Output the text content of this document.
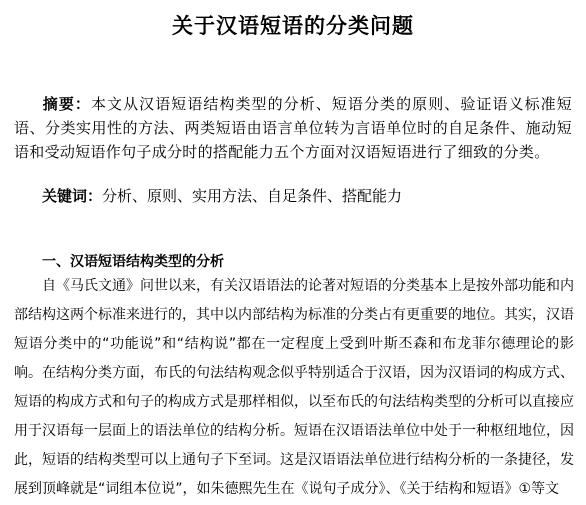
关于汉语短语的分类问题
摘要：本文从汉语短语结构类型的分析、短语分类的原则、验证语义标准短语、分类实用性的方法、两类短语由语言单位转为言语单位时的自足条件、施动短语和受动短语作句子成分时的搭配能力五个方面对汉语短语进行了细致的分类。
关键词：分析、原则、实用方法、自足条件、搭配能力
一、汉语短语结构类型的分析
自《马氏文通》问世以来，有关汉语语法的论著对短语的分类基本上是按外部功能和内部结构这两个标准来进行的，其中以内部结构为标准的分类占有更重要的地位。其实，汉语短语分类中的“功能说”和“结构说”都在一定程度上受到叶斯丕森和布龙菲尔德理论的影响。在结构分类方面，布氏的句法结构观念似乎特别适合于汉语，因为汉语词的构成方式、短语的构成方式和句子的构成方式是那样相似，以至布氏的句法结构类型的分析可以直接应用于汉语每一层面上的语法单位的结构分析。短语在汉语语法单位中处于一种枢纽地位，因此，短语的结构类型可以上通句子下至词。这是汉语语法单位进行结构分析的一条捷径，发展到顶峰就是“词组本位说”，如朱德熙先生在《说句子成分》、《关于结构和短语》①等文
